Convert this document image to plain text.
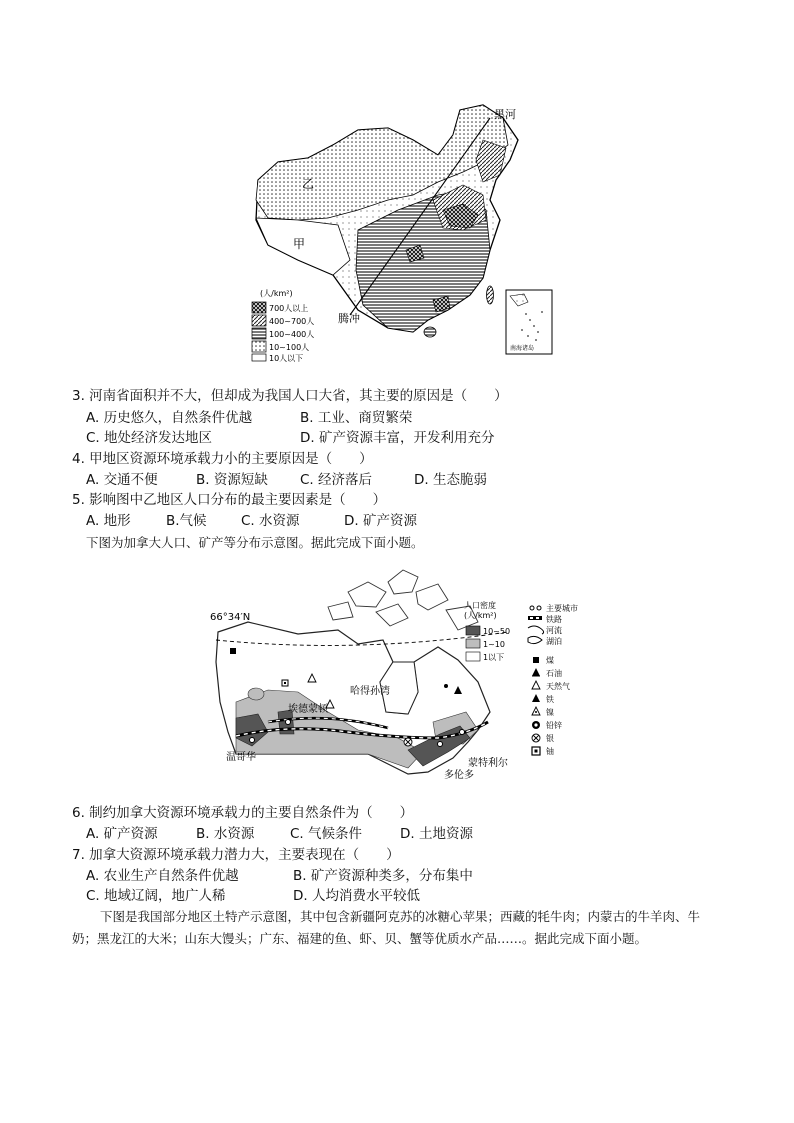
南海诸岛
黑河
乙
甲
腾冲
(人/km²)
700人以上
400~700人
100~400人
10~100人
10人以下
3. 河南省面积并不大，但却成为我国人口大省，其主要的原因是（　　）
A. 历史悠久，自然条件优越	B. 工业、商贸繁荣
C. 地处经济发达地区	D. 矿产资源丰富，开发利用充分
4. 甲地区资源环境承载力小的主要原因是（　　）
A. 交通不便	B. 资源短缺 C. 经济落后	D. 生态脆弱
5. 影响图中乙地区人口分布的最主要因素是（　　）
A. 地形	B.气候	C. 水资源	D. 矿产资源
下图为加拿大人口、矿产等分布示意图。据此完成下面小题。
66°34′N
哈得孙湾
埃德蒙顿
温哥华
蒙特利尔
多伦多
人口密度(人/km²)
10~50
1~10
1以下
主要城市
铁路
河流
湖泊
煤
石油
天然气
铁
镍
铅锌
银
铀
6. 制约加拿大资源环境承载力的主要自然条件为（　　）
A. 矿产资源	B. 水资源	C. 气候条件	D. 土地资源
7. 加拿大资源环境承载力潜力大，主要表现在（　　）
A. 农业生产自然条件优越	B. 矿产资源种类多，分布集中
C. 地域辽阔，地广人稀	D. 人均消费水平较低
下图是我国部分地区土特产示意图，其中包含新疆阿克苏的冰糖心苹果；西藏的牦牛肉；内蒙古的牛羊肉、牛奶；黑龙江的大米；山东大馒头；广东、福建的鱼、虾、贝、蟹等优质水产品……。据此完成下面小题。
